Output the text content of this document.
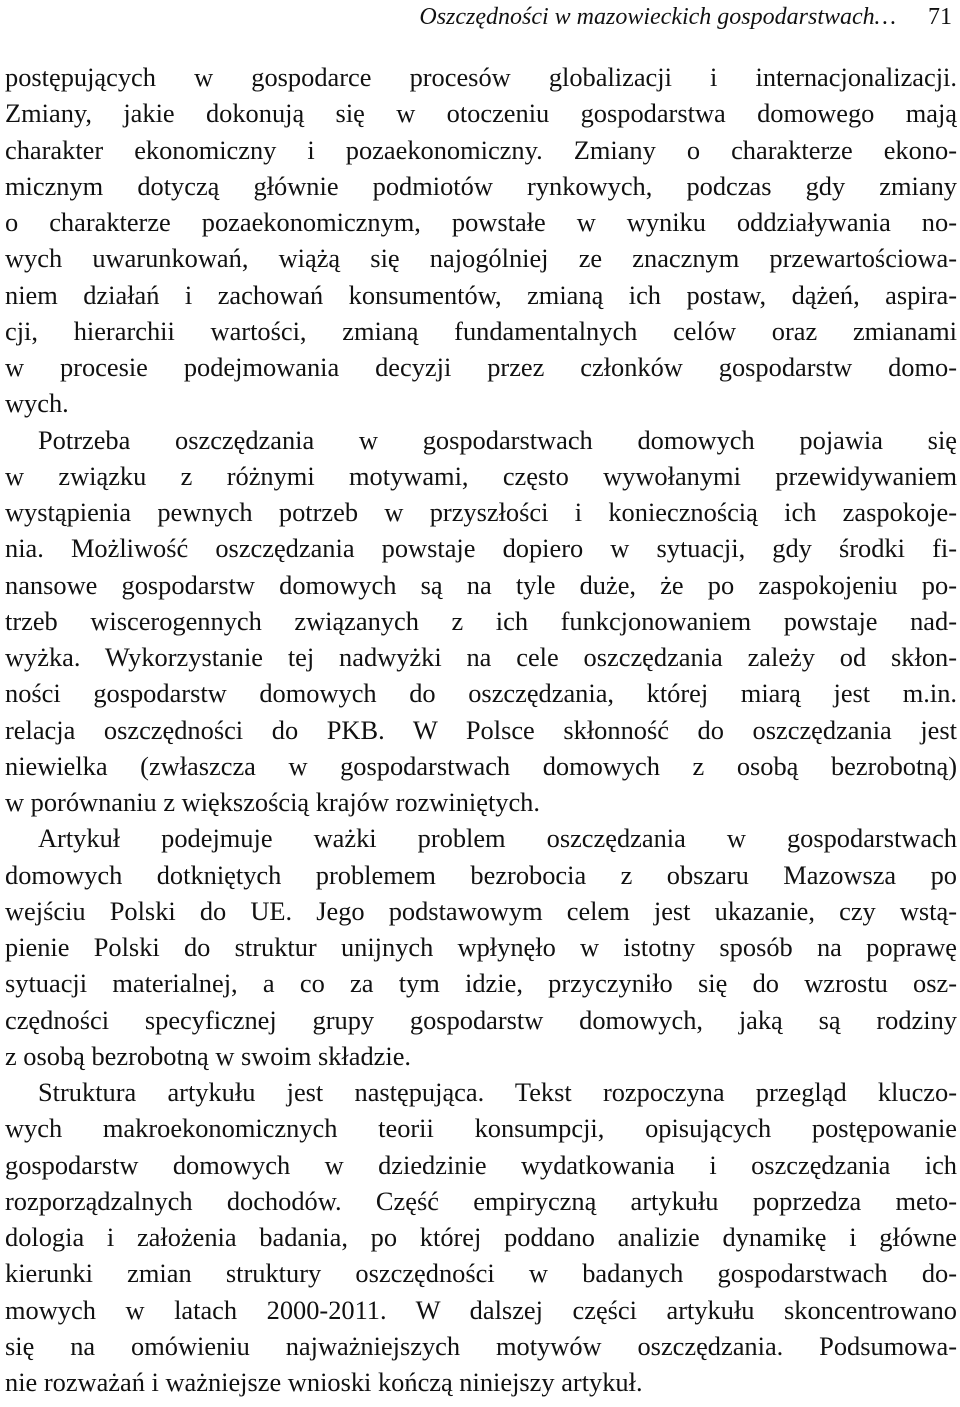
Oszczędności w mazowieckich gospodarstwach… 71
postępujących w gospodarce procesów globalizacji i internacjonalizacji.
Zmiany, jakie dokonują się w otoczeniu gospodarstwa domowego mają
charakter ekonomiczny i pozaekonomiczny. Zmiany o charakterze ekono-
micznym dotyczą głównie podmiotów rynkowych, podczas gdy zmiany
o charakterze pozaekonomicznym, powstałe w wyniku oddziaływania no-
wych uwarunkowań, wiążą się najogólniej ze znacznym przewartościowa-
niem działań i zachowań konsumentów, zmianą ich postaw, dążeń, aspira-
cji, hierarchii wartości, zmianą fundamentalnych celów oraz zmianami
w procesie podejmowania decyzji przez członków gospodarstw domo-
wych.
Potrzeba oszczędzania w gospodarstwach domowych pojawia się
w związku z różnymi motywami, często wywołanymi przewidywaniem
wystąpienia pewnych potrzeb w przyszłości i koniecznością ich zaspokoje-
nia. Możliwość oszczędzania powstaje dopiero w sytuacji, gdy środki fi-
nansowe gospodarstw domowych są na tyle duże, że po zaspokojeniu po-
trzeb wiscerogennych związanych z ich funkcjonowaniem powstaje nad-
wyżka. Wykorzystanie tej nadwyżki na cele oszczędzania zależy od skłon-
ności gospodarstw domowych do oszczędzania, której miarą jest m.in.
relacja oszczędności do PKB. W Polsce skłonność do oszczędzania jest
niewielka (zwłaszcza w gospodarstwach domowych z osobą bezrobotną)
w porównaniu z większością krajów rozwiniętych.
Artykuł podejmuje ważki problem oszczędzania w gospodarstwach
domowych dotkniętych problemem bezrobocia z obszaru Mazowsza po
wejściu Polski do UE. Jego podstawowym celem jest ukazanie, czy wstą-
pienie Polski do struktur unijnych wpłynęło w istotny sposób na poprawę
sytuacji materialnej, a co za tym idzie, przyczyniło się do wzrostu osz-
czędności specyficznej grupy gospodarstw domowych, jaką są rodziny
z osobą bezrobotną w swoim składzie.
Struktura artykułu jest następująca. Tekst rozpoczyna przegląd kluczo-
wych makroekonomicznych teorii konsumpcji, opisujących postępowanie
gospodarstw domowych w dziedzinie wydatkowania i oszczędzania ich
rozporządzalnych dochodów. Część empiryczną artykułu poprzedza meto-
dologia i założenia badania, po której poddano analizie dynamikę i główne
kierunki zmian struktury oszczędności w badanych gospodarstwach do-
mowych w latach 2000-2011. W dalszej części artykułu skoncentrowano
się na omówieniu najważniejszych motywów oszczędzania. Podsumowa-
nie rozważań i ważniejsze wnioski kończą niniejszy artykuł.
